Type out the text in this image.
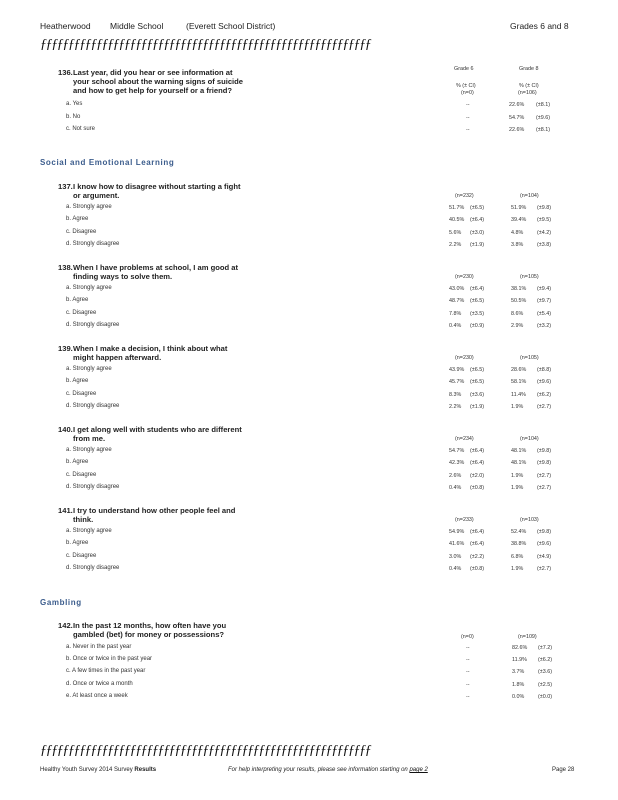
Heatherwood Middle School	(Everett School District)	Grades 6 and 8
ƒƒƒƒƒƒƒƒƒƒƒƒƒƒƒƒƒƒƒƒƒƒƒƒƒƒƒƒƒƒƒƒƒƒƒƒƒƒƒƒƒƒƒƒƒƒƒƒƒƒƒƒƒƒƒƒƒƒƒ
Grade 6	Grade 8
% (± CI)	% (± CI)
(n=0)	(n=106)
136.Last year, did you hear or see information at
your school about the warning signs of suicide
and how to get help for yourself or a friend?
a. Yes	--	22.6% (±8.1)
b. No	--	54.7% (±9.6)
c. Not sure	--	22.6% (±8.1)
Social and Emotional Learning
137.I know how to disagree without starting a fight
or argument.	(n=232)	(n=104)
a. Strongly agree	51.7% (±6.5)	51.9% (±9.8)
b. Agree	40.5% (±6.4)	39.4% (±9.5)
c. Disagree	5.6% (±3.0)	4.8%	(±4.2)
d. Strongly disagree	2.2% (±1.9)	3.8%	(±3.8)
138.When I have problems at school, I am good at
finding ways to solve them.	(n=230)	(n=105)
a. Strongly agree	43.0% (±6.4)	38.1% (±9.4)
b. Agree	48.7% (±6.5)	50.5% (±9.7)
c. Disagree	7.8% (±3.5)	8.6%	(±5.4)
d. Strongly disagree	0.4% (±0.9)	2.9%	(±3.2)
139.When I make a decision, I think about what
might happen afterward.	(n=230)	(n=105)
a. Strongly agree	43.9% (±6.5)	28.6% (±8.8)
b. Agree	45.7% (±6.5)	58.1% (±9.6)
c. Disagree	8.3% (±3.6)	11.4% (±6.2)
d. Strongly disagree	2.2% (±1.9)	1.9%	(±2.7)
140.I get along well with students who are different
from me.	(n=234)	(n=104)
a. Strongly agree	54.7% (±6.4)	48.1% (±9.8)
b. Agree	42.3% (±6.4)	48.1% (±9.8)
c. Disagree	2.6% (±2.0)	1.9%	(±2.7)
d. Strongly disagree	0.4% (±0.8)	1.9%	(±2.7)
141.I try to understand how other people feel and
think.	(n=233)	(n=103)
a. Strongly agree	54.9% (±6.4)	52.4% (±9.8)
b. Agree	41.6% (±6.4)	38.8% (±9.6)
c. Disagree	3.0% (±2.2)	6.8%	(±4.9)
d. Strongly disagree	0.4% (±0.8)	1.9%	(±2.7)
Gambling
142.In the past 12 months, how often have you
gambled (bet) for money or possessions?	(n=0)	(n=109)
a. Never in the past year	--	82.6% (±7.2)
b. Once or twice in the past year	--	11.9% (±6.2)
c. A few times in the past year	--	3.7%	(±3.6)
d. Once or twice a month	--	1.8%	(±2.5)
e. At least once a week	--	0.0%	(±0.0)
ƒƒƒƒƒƒƒƒƒƒƒƒƒƒƒƒƒƒƒƒƒƒƒƒƒƒƒƒƒƒƒƒƒƒƒƒƒƒƒƒƒƒƒƒƒƒƒƒƒƒƒƒƒƒƒƒƒƒƒ
Healthy Youth Survey 2014 Survey Results	For help interpreting your results, please see information starting on page 2	Page 28
